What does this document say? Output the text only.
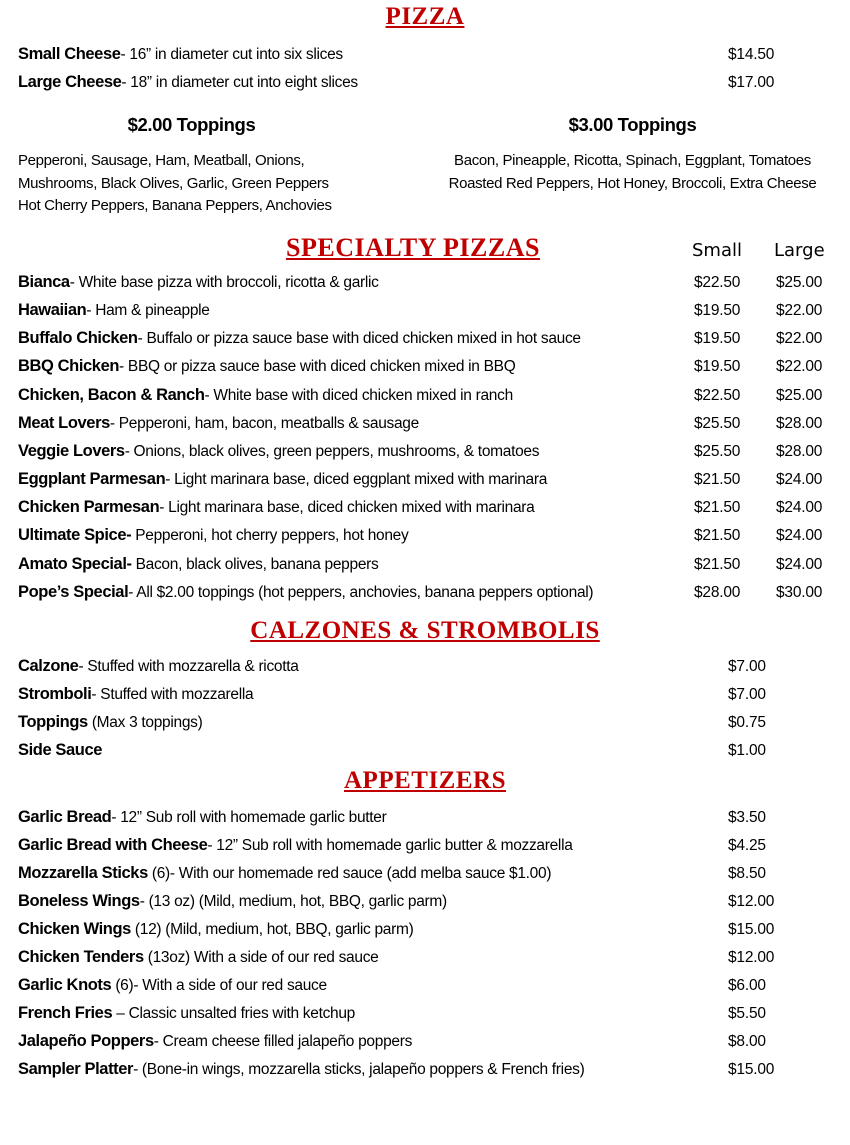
PIZZA
Small Cheese- 16” in diameter cut into six slices	$14.50
Large Cheese- 18” in diameter cut into eight slices	$17.00
$2.00 Toppings
Pepperoni, Sausage, Ham, Meatball, Onions,
Mushrooms, Black Olives, Garlic, Green Peppers
Hot Cherry Peppers, Banana Peppers, Anchovies
$3.00 Toppings
Bacon, Pineapple, Ricotta, Spinach, Eggplant, Tomatoes
Roasted Red Peppers, Hot Honey, Broccoli, Extra Cheese
SPECIALTY PIZZAS	Small	Large
Bianca- White base pizza with broccoli, ricotta & garlic	$22.50	$25.00
Hawaiian- Ham & pineapple	$19.50	$22.00
Buffalo Chicken- Buffalo or pizza sauce base with diced chicken mixed in hot sauce	$19.50	$22.00
BBQ Chicken- BBQ or pizza sauce base with diced chicken mixed in BBQ	$19.50	$22.00
Chicken, Bacon & Ranch- White base with diced chicken mixed in ranch	$22.50	$25.00
Meat Lovers- Pepperoni, ham, bacon, meatballs & sausage	$25.50	$28.00
Veggie Lovers- Onions, black olives, green peppers, mushrooms, & tomatoes	$25.50	$28.00
Eggplant Parmesan- Light marinara base, diced eggplant mixed with marinara	$21.50	$24.00
Chicken Parmesan- Light marinara base, diced chicken mixed with marinara	$21.50	$24.00
Ultimate Spice- Pepperoni, hot cherry peppers, hot honey	$21.50	$24.00
Amato Special- Bacon, black olives, banana peppers	$21.50	$24.00
Pope’s Special- All $2.00 toppings (hot peppers, anchovies, banana peppers optional)	$28.00	$30.00
CALZONES & STROMBOLIS
Calzone- Stuffed with mozzarella & ricotta	$7.00
Stromboli- Stuffed with mozzarella	$7.00
Toppings (Max 3 toppings)	$0.75
Side Sauce	$1.00
APPETIZERS
Garlic Bread- 12” Sub roll with homemade garlic butter	$3.50
Garlic Bread with Cheese- 12” Sub roll with homemade garlic butter & mozzarella	$4.25
Mozzarella Sticks (6)- With our homemade red sauce (add melba sauce $1.00)	$8.50
Boneless Wings- (13 oz) (Mild, medium, hot, BBQ, garlic parm)	$12.00
Chicken Wings (12) (Mild, medium, hot, BBQ, garlic parm)	$15.00
Chicken Tenders (13oz) With a side of our red sauce	$12.00
Garlic Knots (6)- With a side of our red sauce	$6.00
French Fries – Classic unsalted fries with ketchup	$5.50
Jalapeño Poppers- Cream cheese filled jalapeño poppers	$8.00
Sampler Platter- (Bone-in wings, mozzarella sticks, jalapeño poppers & French fries)	$15.00
